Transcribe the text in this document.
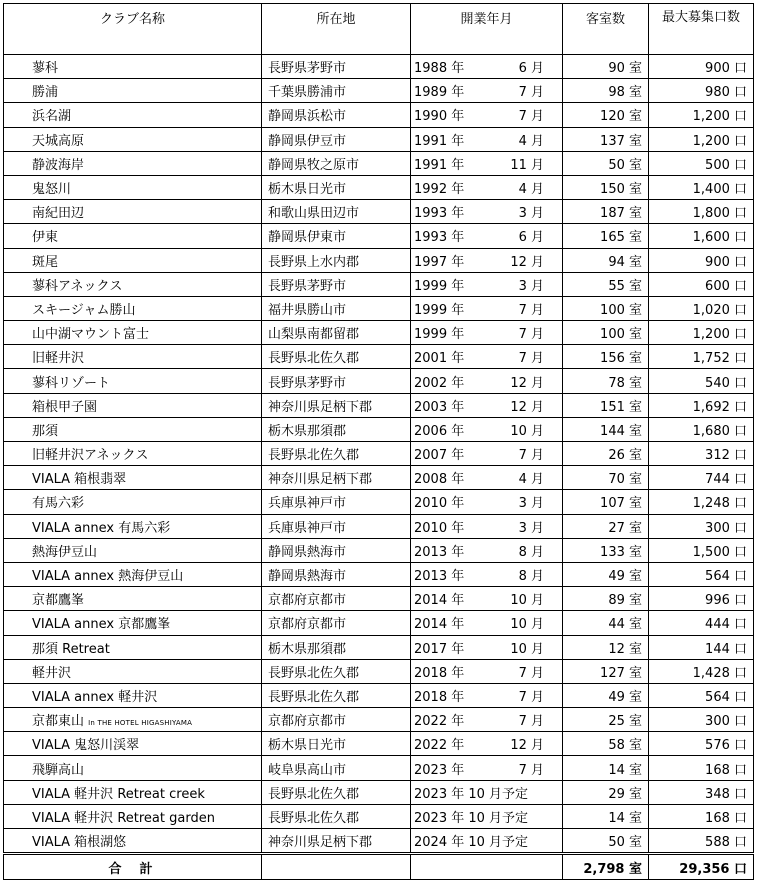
クラブ名称	所在地	開業年月	客室数	最大募集口数
蓼科	長野県茅野市	1988 年 6 月	90 室	900 口
勝浦	千葉県勝浦市	1989 年 7 月	98 室	980 口
浜名湖	静岡県浜松市	1990 年 7 月	120 室	1,200 口
天城高原	静岡県伊豆市	1991 年 4 月	137 室	1,200 口
静波海岸	静岡県牧之原市	1991 年 11 月	50 室	500 口
鬼怒川	栃木県日光市	1992 年 4 月	150 室	1,400 口
南紀田辺	和歌山県田辺市	1993 年 3 月	187 室	1,800 口
伊東	静岡県伊東市	1993 年 6 月	165 室	1,600 口
斑尾	長野県上水内郡	1997 年 12 月	94 室	900 口
蓼科アネックス	長野県茅野市	1999 年 3 月	55 室	600 口
スキージャム勝山	福井県勝山市	1999 年 7 月	100 室	1,020 口
山中湖マウント富士	山梨県南都留郡	1999 年 7 月	100 室	1,200 口
旧軽井沢	長野県北佐久郡	2001 年 7 月	156 室	1,752 口
蓼科リゾート	長野県茅野市	2002 年 12 月	78 室	540 口
箱根甲子園	神奈川県足柄下郡	2003 年 12 月	151 室	1,692 口
那須	栃木県那須郡	2006 年 10 月	144 室	1,680 口
旧軽井沢アネックス	長野県北佐久郡	2007 年 7 月	26 室	312 口
VIALA 箱根翡翠	神奈川県足柄下郡	2008 年 4 月	70 室	744 口
有馬六彩	兵庫県神戸市	2010 年 3 月	107 室	1,248 口
VIALA annex 有馬六彩	兵庫県神戸市	2010 年 3 月	27 室	300 口
熱海伊豆山	静岡県熱海市	2013 年 8 月	133 室	1,500 口
VIALA annex 熱海伊豆山	静岡県熱海市	2013 年 8 月	49 室	564 口
京都鷹峯	京都府京都市	2014 年 10 月	89 室	996 口
VIALA annex 京都鷹峯	京都府京都市	2014 年 10 月	44 室	444 口
那須 Retreat	栃木県那須郡	2017 年 10 月	12 室	144 口
軽井沢	長野県北佐久郡	2018 年 7 月	127 室	1,428 口
VIALA annex 軽井沢	長野県北佐久郡	2018 年 7 月	49 室	564 口
京都東山 In THE HOTEL HIGASHIYAMA	京都府京都市	2022 年 7 月	25 室	300 口
VIALA 鬼怒川渓翠	栃木県日光市	2022 年 12 月	58 室	576 口
飛騨高山	岐阜県高山市	2023 年 7 月	14 室	168 口
VIALA 軽井沢 Retreat creek	長野県北佐久郡	2023 年 10 月予定	29 室	348 口
VIALA 軽井沢 Retreat garden	長野県北佐久郡	2023 年 10 月予定	14 室	168 口
VIALA 箱根湖悠	神奈川県足柄下郡	2024 年 10 月予定	50 室	588 口
合計			2,798 室	29,356 口
